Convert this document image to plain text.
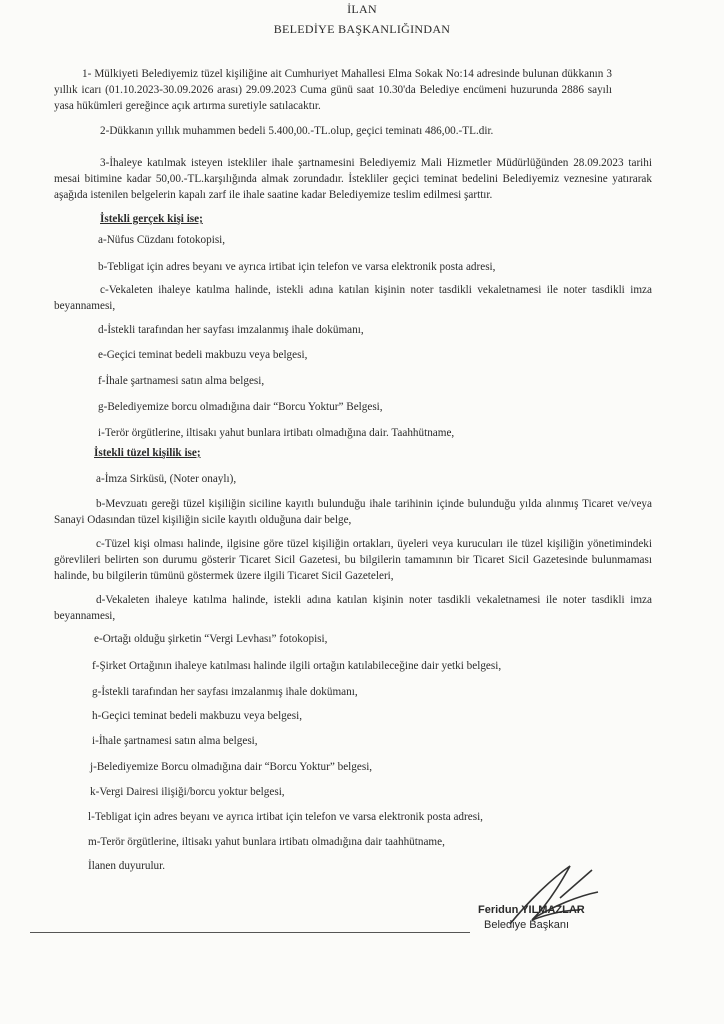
İLAN
BELEDİYE BAŞKANLIĞINDAN
1- Mülkiyeti Belediyemiz tüzel kişiliğine ait Cumhuriyet Mahallesi Elma Sokak No:14 adresinde bulunan dükkanın 3 yıllık icarı (01.10.2023-30.09.2026 arası) 29.09.2023 Cuma günü saat 10.30'da Belediye encümeni huzurunda 2886 sayılı yasa hükümleri gereğince açık artırma suretiyle satılacaktır.
2-Dükkanın yıllık muhammen bedeli 5.400,00.-TL.olup, geçici teminatı 486,00.-TL.dir.
3-İhaleye katılmak isteyen istekliler ihale şartnamesini Belediyemiz Mali Hizmetler Müdürlüğünden 28.09.2023 tarihi mesai bitimine kadar 50,00.-TL.karşılığında almak zorundadır. İstekliler geçici teminat bedelini Belediyemiz veznesine yatırarak aşağıda istenilen belgelerin kapalı zarf ile ihale saatine kadar Belediyemize teslim edilmesi şarttır.
İstekli gerçek kişi ise;
a-Nüfus Cüzdanı fotokopisi,
b-Tebligat için adres beyanı ve ayrıca irtibat için telefon ve varsa elektronik posta adresi,
c-Vekaleten ihaleye katılma halinde, istekli adına katılan kişinin noter tasdikli vekaletnamesi ile noter tasdikli imza beyannamesi,
d-İstekli tarafından her sayfası imzalanmış ihale dokümanı,
e-Geçici teminat bedeli makbuzu veya belgesi,
f-İhale şartnamesi satın alma belgesi,
g-Belediyemize borcu olmadığına dair “Borcu Yoktur” Belgesi,
i-Terör örgütlerine, iltisakı yahut bunlara irtibatı olmadığına dair. Taahhütname,
İstekli tüzel kişilik ise;
a-İmza Sirküsü, (Noter onaylı),
b-Mevzuatı gereği tüzel kişiliğin siciline kayıtlı bulunduğu ihale tarihinin içinde bulunduğu yılda alınmış Ticaret ve/veya Sanayi Odasından tüzel kişiliğin sicile kayıtlı olduğuna dair belge,
c-Tüzel kişi olması halinde, ilgisine göre tüzel kişiliğin ortakları, üyeleri veya kurucuları ile tüzel kişiliğin yönetimindeki görevlileri belirten son durumu gösterir Ticaret Sicil Gazetesi, bu bilgilerin tamamının bir Ticaret Sicil Gazetesinde bulunmaması halinde, bu bilgilerin tümünü göstermek üzere ilgili Ticaret Sicil Gazeteleri,
d-Vekaleten ihaleye katılma halinde, istekli adına katılan kişinin noter tasdikli vekaletnamesi ile noter tasdikli imza beyannamesi,
e-Ortağı olduğu şirketin “Vergi Levhası” fotokopisi,
f-Şirket Ortağının ihaleye katılması halinde ilgili ortağın katılabileceğine dair yetki belgesi,
g-İstekli tarafından her sayfası imzalanmış ihale dokümanı,
h-Geçici teminat bedeli makbuzu veya belgesi,
i-İhale şartnamesi satın alma belgesi,
j-Belediyemize Borcu olmadığına dair “Borcu Yoktur” belgesi,
k-Vergi Dairesi ilişiği/borcu yoktur belgesi,
l-Tebligat için adres beyanı ve ayrıca irtibat için telefon ve varsa elektronik posta adresi,
m-Terör örgütlerine, iltisakı yahut bunlara irtibatı olmadığına dair taahhütname,
İlanen duyurulur.
Feridun YILMAZLAR
Belediye Başkanı
